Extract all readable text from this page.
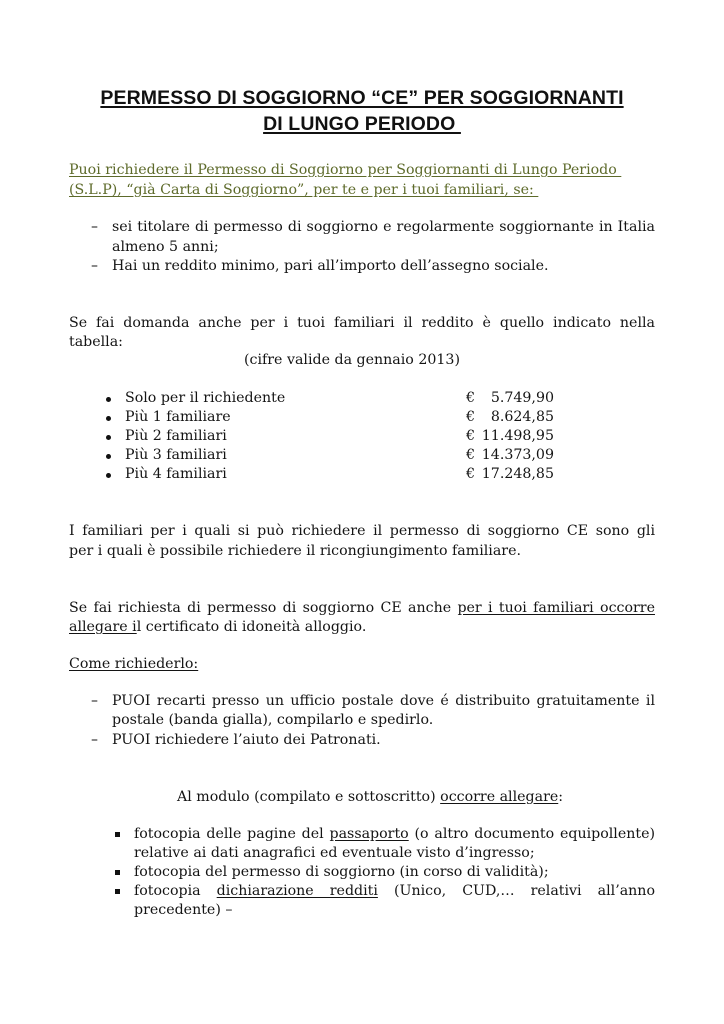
PERMESSO DI SOGGIORNO “CE” PER SOGGIORNANTI
DI LUNGO PERIODO
Puoi richiedere il Permesso di Soggiorno per Soggiornanti di Lungo Periodo
(S.L.P), “già Carta di Soggiorno”, per te e per i tuoi familiari, se:
– sei titolare di permesso di soggiorno e regolarmente soggiornante in Italia
almeno 5 anni;
– Hai un reddito minimo, pari all’importo dell’assegno sociale.
Se fai domanda anche per i tuoi familiari il reddito è quello indicato nella
tabella:
(cifre valide da gennaio 2013)
Solo per il richiedente	€ 5.749,90
Più 1 familiare	€ 8.624,85
Più 2 familiari	€ 11.498,95
Più 3 familiari	€ 14.373,09
Più 4 familiari	€ 17.248,85
I familiari per i quali si può richiedere il permesso di soggiorno CE sono gli
per i quali è possibile richiedere il ricongiungimento familiare.
Se fai richiesta di permesso di soggiorno CE anche per i tuoi familiari occorre
allegare il certificato di idoneità alloggio.
Come richiederlo:
– PUOI recarti presso un ufficio postale dove é distribuito gratuitamente il
postale (banda gialla), compilarlo e spedirlo.
– PUOI richiedere l’aiuto dei Patronati.
Al modulo (compilato e sottoscritto) occorre allegare:
fotocopia delle pagine del passaporto (o altro documento equipollente)
relative ai dati anagrafici ed eventuale visto d’ingresso;
fotocopia del permesso di soggiorno (in corso di validità);
fotocopia dichiarazione redditi (Unico, CUD,… relativi all’anno
precedente) –
